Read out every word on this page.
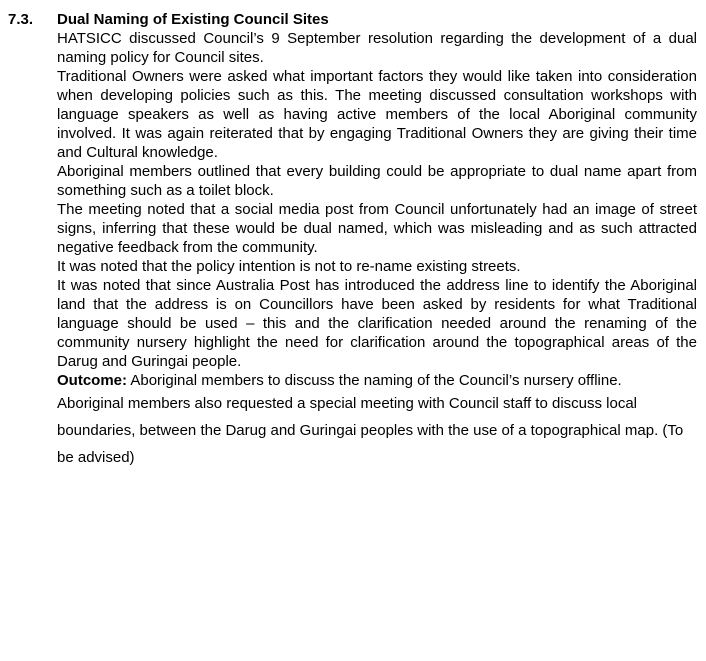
7.3.	Dual Naming of Existing Council Sites

HATSICC discussed Council’s 9 September resolution regarding the development of a dual naming policy for Council sites.

Traditional Owners were asked what important factors they would like taken into consideration when developing policies such as this. The meeting discussed consultation workshops with language speakers as well as having active members of the local Aboriginal community involved. It was again reiterated that by engaging Traditional Owners they are giving their time and Cultural knowledge.

Aboriginal members outlined that every building could be appropriate to dual name apart from something such as a toilet block.

The meeting noted that a social media post from Council unfortunately had an image of street signs, inferring that these would be dual named, which was misleading and as such attracted negative feedback from the community.

It was noted that the policy intention is not to re-name existing streets.

It was noted that since Australia Post has introduced the address line to identify the Aboriginal land that the address is on Councillors have been asked by residents for what Traditional language should be used – this and the clarification needed around the renaming of the community nursery highlight the need for clarification around the topographical areas of the Darug and Guringai people.

Outcome: Aboriginal members to discuss the naming of the Council’s nursery offline.

Aboriginal members also requested a special meeting with Council staff to discuss local boundaries, between the Darug and Guringai peoples with the use of a topographical map. (To be advised)
